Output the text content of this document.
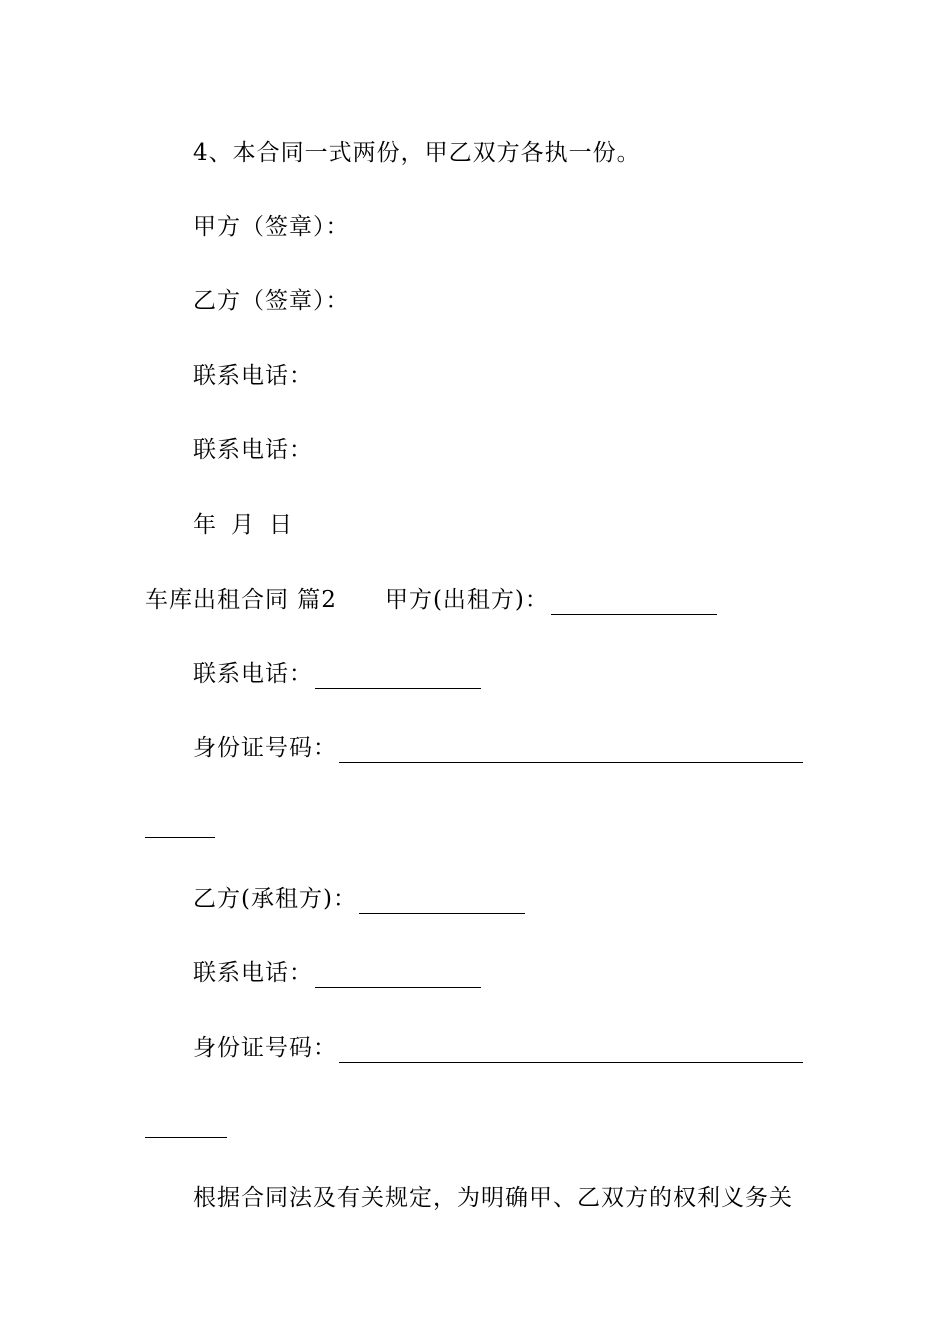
4、本合同一式两份，甲乙双方各执一份。
甲方（签章）：
乙方（签章）：
联系电话：
联系电话：
年 月 日
车库出租合同 篇2 甲方(出租方)：
联系电话：
身份证号码：
乙方(承租方)：
联系电话：
身份证号码：
根据合同法及有关规定，为明确甲、乙双方的权利义务关
